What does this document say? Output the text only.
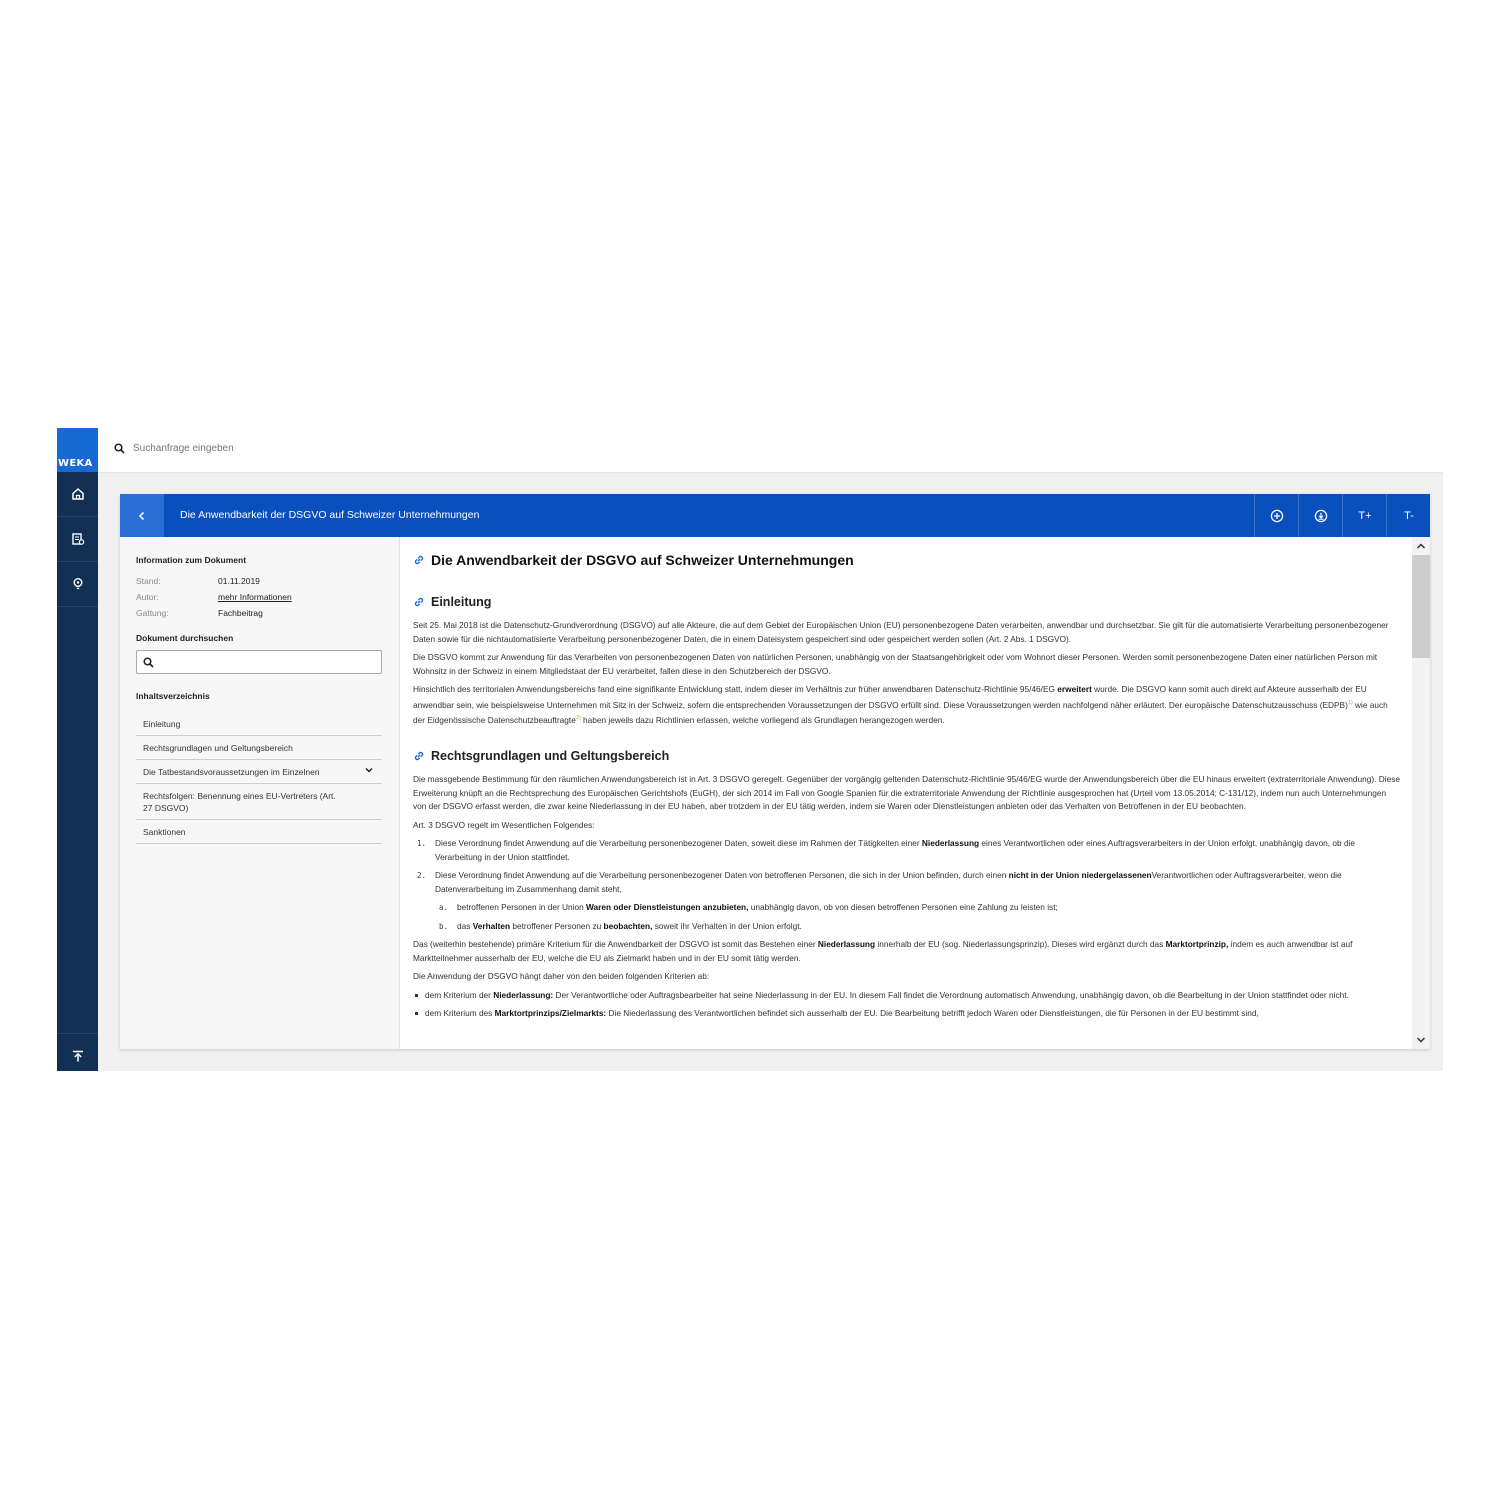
WEKA
Suchanfrage eingeben
Die Anwendbarkeit der DSGVO auf Schweizer Unternehmungen	T+	T-
Information zum Dokument
Stand:	01.11.2019
Autor:	mehr Informationen
Gattung:	Fachbeitrag
Dokument durchsuchen
Inhaltsverzeichnis
Einleitung
Rechtsgrundlagen und Geltungsbereich
Die Tatbestandsvoraussetzungen im Einzelnen
Rechtsfolgen: Benennung eines EU-Vertreters (Art. 27 DSGVO)
Sanktionen
Die Anwendbarkeit der DSGVO auf Schweizer Unternehmungen
Einleitung

Seit 25. Mai 2018 ist die Datenschutz-Grundverordnung (DSGVO) auf alle Akteure, die auf dem Gebiet der Europäischen Union (EU) personenbezogene Daten verarbeiten, anwendbar und durchsetzbar. Sie gilt für die automatisierte Verarbeitung personenbezogener Daten sowie für die nichtautomatisierte Verarbeitung personenbezogener Daten, die in einem Dateisystem gespeichert sind oder gespeichert werden sollen (Art. 2 Abs. 1 DSGVO).

Die DSGVO kommt zur Anwendung für das Verarbeiten von personenbezogenen Daten von natürlichen Personen, unabhängig von der Staatsangehörigkeit oder vom Wohnort dieser Personen. Werden somit personenbezogene Daten einer natürlichen Person mit Wohnsitz in der Schweiz in einem Mitgliedstaat der EU verarbeitet, fallen diese in den Schutzbereich der DSGVO.

Hinsichtlich des territorialen Anwendungsbereichs fand eine signifikante Entwicklung statt, indem dieser im Verhältnis zur früher anwendbaren Datenschutz-Richtlinie 95/46/EG erweitert wurde. Die DSGVO kann somit auch direkt auf Akteure ausserhalb der EU anwendbar sein, wie beispielsweise Unternehmen mit Sitz in der Schweiz, sofern die entsprechenden Voraussetzungen der DSGVO erfüllt sind. Diese Voraussetzungen werden nachfolgend näher erläutert. Der europäische Datenschutzausschuss (EDPB)$^{1)}$ wie auch der Eidgenössische Datenschutzbeauftragte$^{2)}$ haben jeweils dazu Richtlinien erlassen, welche vorliegend als Grundlagen herangezogen werden.

Rechtsgrundlagen und Geltungsbereich

Die massgebende Bestimmung für den räumlichen Anwendungsbereich ist in Art. 3 DSGVO geregelt. Gegenüber der vorgängig geltenden Datenschutz-Richtlinie 95/46/EG wurde der Anwendungsbereich über die EU hinaus erweitert (extraterritoriale Anwendung). Diese Erweiterung knüpft an die Rechtsprechung des Europäischen Gerichtshofs (EuGH), der sich 2014 im Fall von Google Spanien für die extraterritoriale Anwendung der Richtlinie ausgesprochen hat (Urteil vom 13.05.2014; C-131/12), indem nun auch Unternehmungen von der DSGVO erfasst werden, die zwar keine Niederlassung in der EU haben, aber trotzdem in der EU tätig werden, indem sie Waren oder Dienstleistungen anbieten oder das Verhalten von Betroffenen in der EU beobachten.

Art. 3 DSGVO regelt im Wesentlichen Folgendes:

1. Diese Verordnung findet Anwendung auf die Verarbeitung personenbezogener Daten, soweit diese im Rahmen der Tätigkeiten einer Niederlassung eines Verantwortlichen oder eines Auftragsverarbeiters in der Union erfolgt, unabhängig davon, ob die Verarbeitung in der Union stattfindet.
2. Diese Verordnung findet Anwendung auf die Verarbeitung personenbezogener Daten von betroffenen Personen, die sich in der Union befinden, durch einen nicht in der Union niedergelassenenVerantwortlichen oder Auftragsverarbeiter, wenn die Datenverarbeitung im Zusammenhang damit steht,
a. betroffenen Personen in der Union Waren oder Dienstleistungen anzubieten, unabhängig davon, ob von diesen betroffenen Personen eine Zahlung zu leisten ist;
b. das Verhalten betroffener Personen zu beobachten, soweit ihr Verhalten in der Union erfolgt.

Das (weiterhin bestehende) primäre Kriterium für die Anwendbarkeit der DSGVO ist somit das Bestehen einer Niederlassung innerhalb der EU (sog. Niederlassungsprinzip). Dieses wird ergänzt durch das Marktortprinzip, indem es auch anwendbar ist auf Marktteilnehmer ausserhalb der EU, welche die EU als Zielmarkt haben und in der EU somit tätig werden.

Die Anwendung der DSGVO hängt daher von den beiden folgenden Kriterien ab:

dem Kriterium der Niederlassung: Der Verantwortliche oder Auftragsbearbeiter hat seine Niederlassung in der EU. In diesem Fall findet die Verordnung automatisch Anwendung, unabhängig davon, ob die Bearbeitung in der Union stattfindet oder nicht.
dem Kriterium des Marktortprinzips/Zielmarkts: Die Niederlassung des Verantwortlichen befindet sich ausserhalb der EU. Die Bearbeitung betrifft jedoch Waren oder Dienstleistungen, die für Personen in der EU bestimmt sind,
